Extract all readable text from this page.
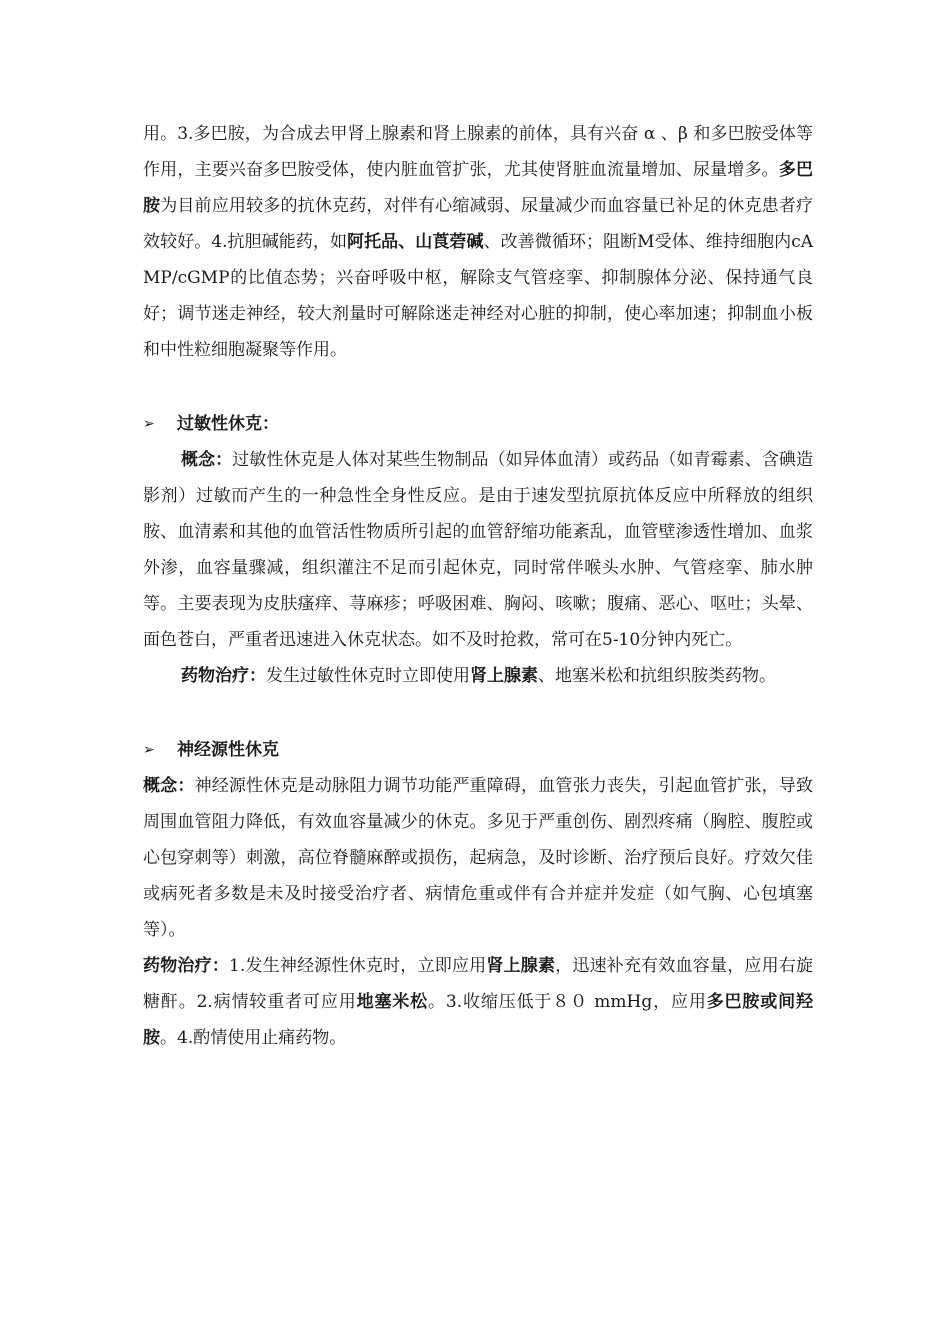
用。3.多巴胺，为合成去甲肾上腺素和肾上腺素的前体，具有兴奋 α 、β 和多巴胺受体等作用，主要兴奋多巴胺受体，使内脏血管扩张，尤其使肾脏血流量增加、尿量增多。多巴胺为目前应用较多的抗休克药，对伴有心缩减弱、尿量减少而血容量已补足的休克患者疗效较好。4.抗胆碱能药，如阿托品、山莨菪碱、改善微循环；阻断M受体、维持细胞内cAMP/cGMP的比值态势；兴奋呼吸中枢，解除支气管痉挛、抑制腺体分泌、保持通气良好；调节迷走神经，较大剂量时可解除迷走神经对心脏的抑制，使心率加速；抑制血小板和中性粒细胞凝聚等作用。

➢	过敏性休克：

概念：过敏性休克是人体对某些生物制品（如异体血清）或药品（如青霉素、含碘造影剂）过敏而产生的一种急性全身性反应。是由于速发型抗原抗体反应中所释放的组织胺、血清素和其他的血管活性物质所引起的血管舒缩功能紊乱，血管壁渗透性增加、血浆外渗，血容量骤减，组织灌注不足而引起休克，同时常伴喉头水肿、气管痉挛、肺水肿等。主要表现为皮肤瘙痒、荨麻疹；呼吸困难、胸闷、咳嗽；腹痛、恶心、呕吐；头晕、面色苍白，严重者迅速进入休克状态。如不及时抢救，常可在5-10分钟内死亡。

药物治疗：发生过敏性休克时立即使用肾上腺素、地塞米松和抗组织胺类药物。

➢	神经源性休克

概念：神经源性休克是动脉阻力调节功能严重障碍，血管张力丧失，引起血管扩张，导致周围血管阻力降低，有效血容量减少的休克。多见于严重创伤、剧烈疼痛（胸腔、腹腔或心包穿刺等）刺激，高位脊髓麻醉或损伤，起病急，及时诊断、治疗预后良好。疗效欠佳或病死者多数是未及时接受治疗者、病情危重或伴有合并症并发症（如气胸、心包填塞等）。

药物治疗：1.发生神经源性休克时，立即应用肾上腺素，迅速补充有效血容量，应用右旋糖酐。2.病情较重者可应用地塞米松。3.收缩压低于８０ mmHg，应用多巴胺或间羟胺。4.酌情使用止痛药物。
